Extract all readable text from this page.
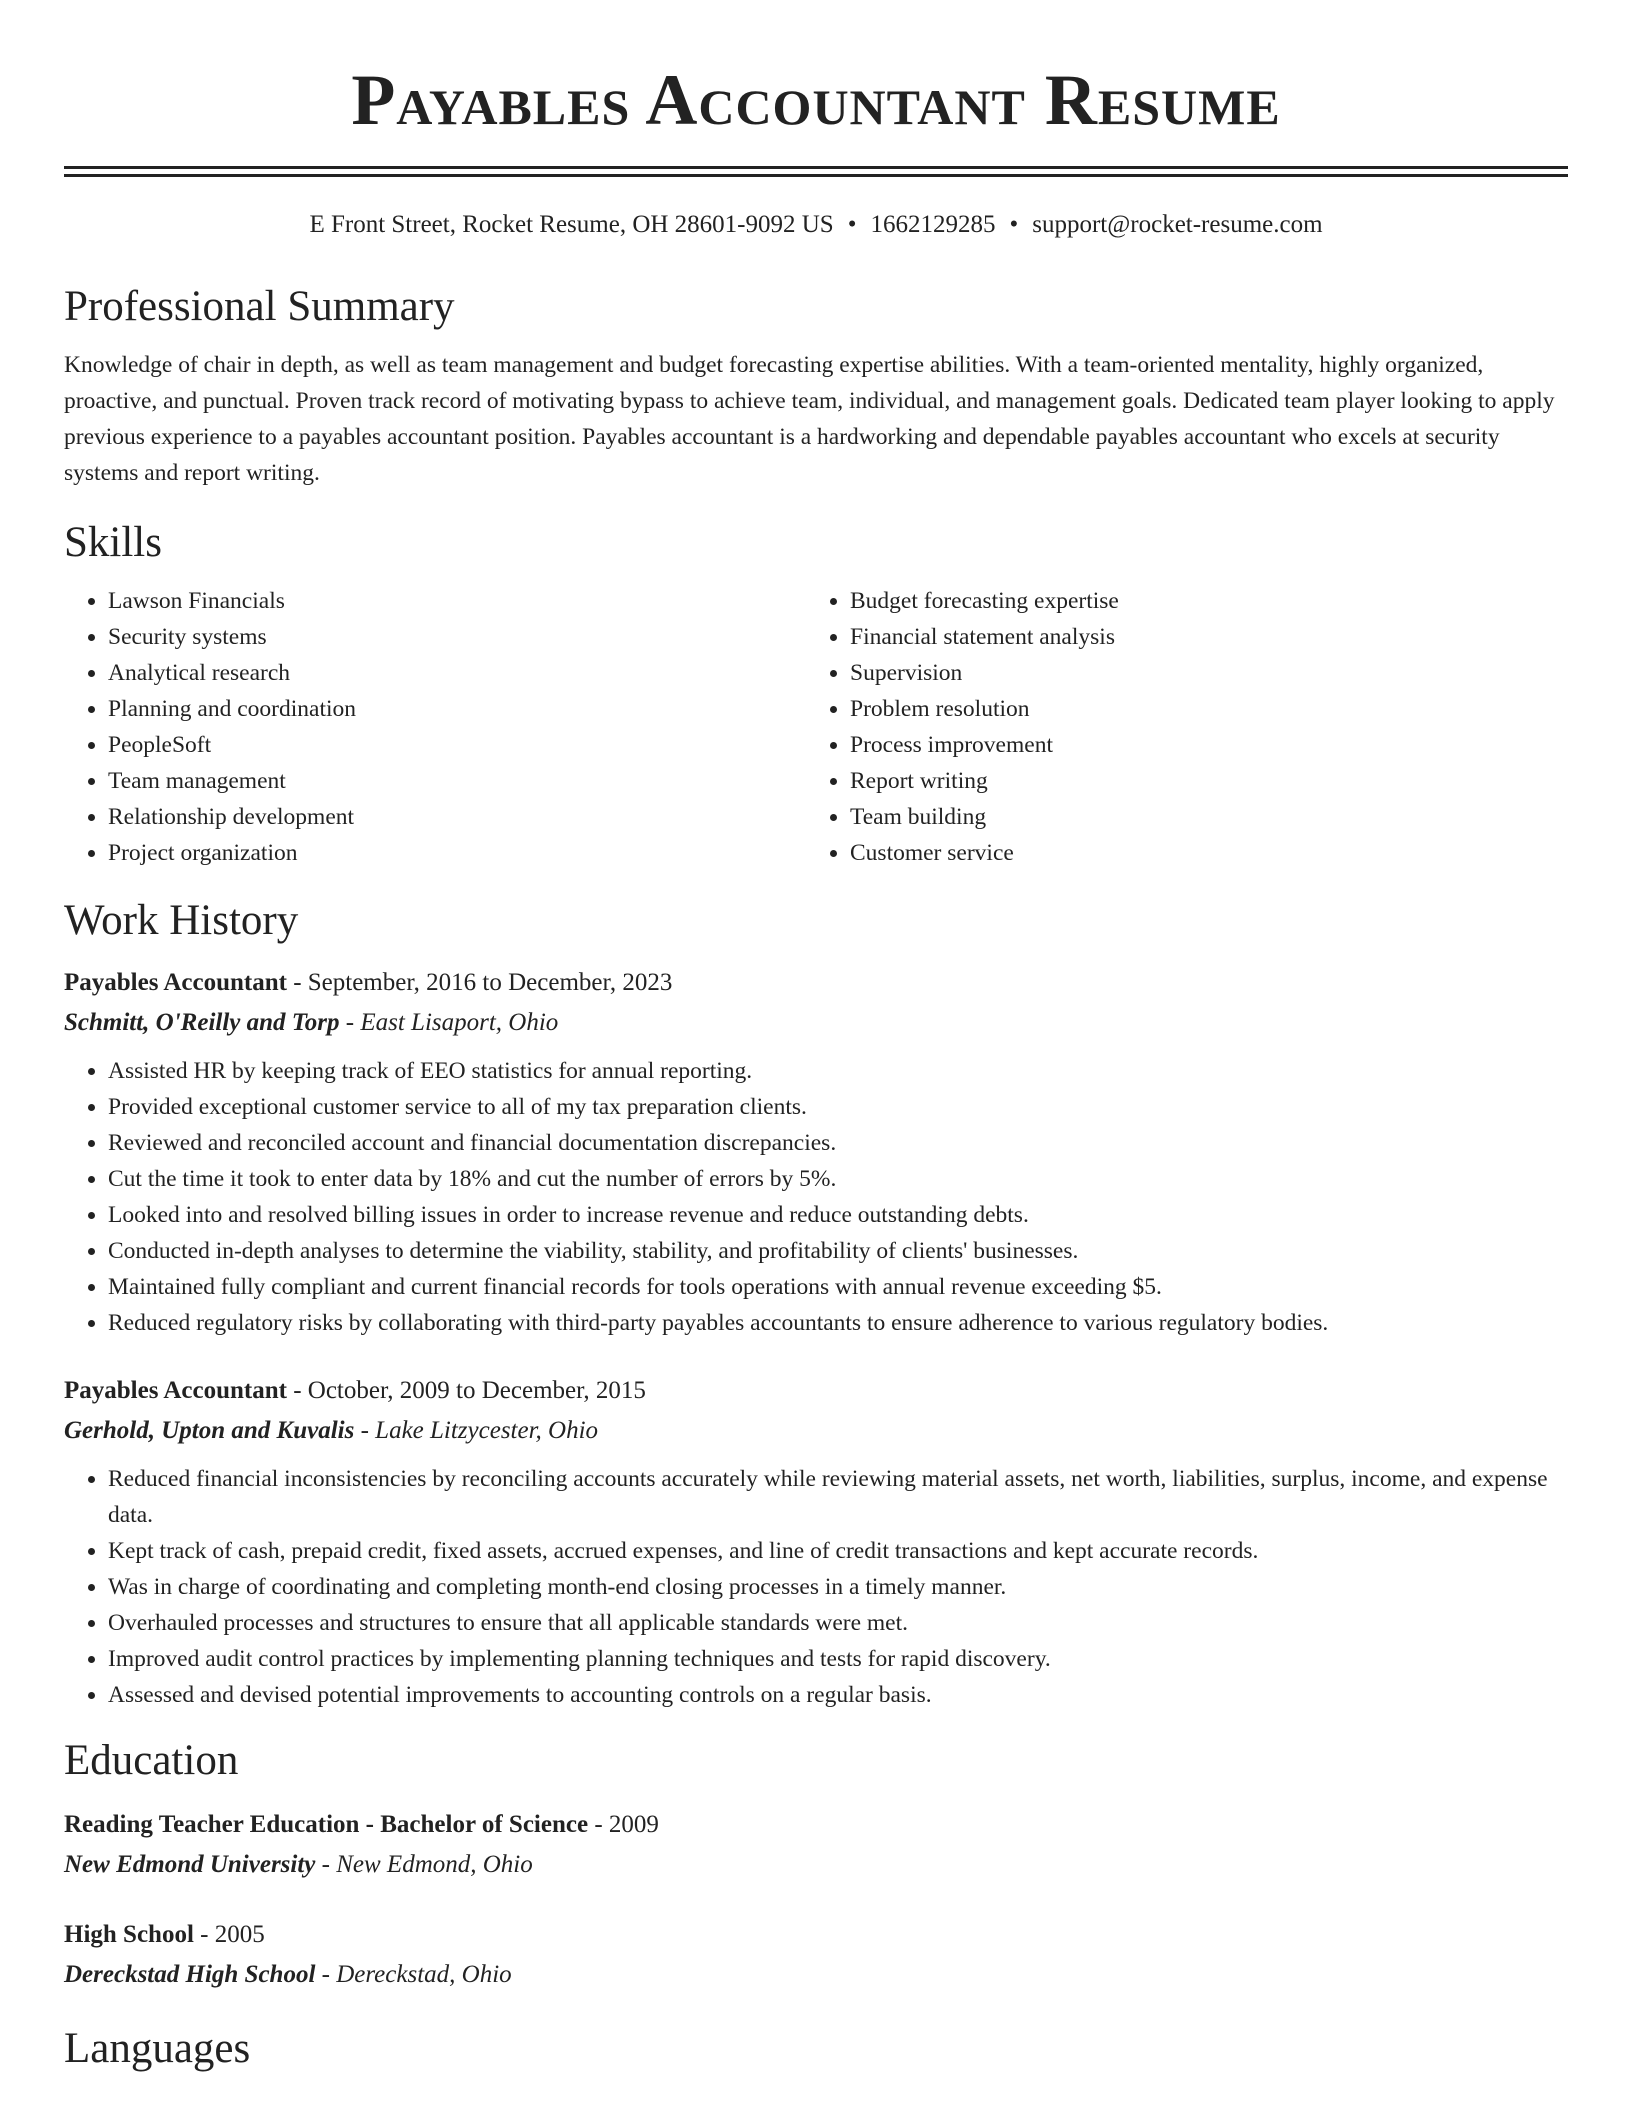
Payables Accountant Resume
E Front Street, Rocket Resume, OH 28601-9092 US • 1662129285 • support@rocket-resume.com
Professional Summary
Knowledge of chair in depth, as well as team management and budget forecasting expertise abilities. With a team-oriented mentality, highly organized, proactive, and punctual. Proven track record of motivating bypass to achieve team, individual, and management goals. Dedicated team player looking to apply previous experience to a payables accountant position. Payables accountant is a hardworking and dependable payables accountant who excels at security systems and report writing.
Skills
• Lawson Financials
• Security systems
• Analytical research
• Planning and coordination
• PeopleSoft
• Team management
• Relationship development
• Project organization
• Budget forecasting expertise
• Financial statement analysis
• Supervision
• Problem resolution
• Process improvement
• Report writing
• Team building
• Customer service
Work History
Payables Accountant - September, 2016 to December, 2023
Schmitt, O'Reilly and Torp - East Lisaport, Ohio
• Assisted HR by keeping track of EEO statistics for annual reporting.
• Provided exceptional customer service to all of my tax preparation clients.
• Reviewed and reconciled account and financial documentation discrepancies.
• Cut the time it took to enter data by 18% and cut the number of errors by 5%.
• Looked into and resolved billing issues in order to increase revenue and reduce outstanding debts.
• Conducted in-depth analyses to determine the viability, stability, and profitability of clients' businesses.
• Maintained fully compliant and current financial records for tools operations with annual revenue exceeding $5.
• Reduced regulatory risks by collaborating with third-party payables accountants to ensure adherence to various regulatory bodies.
Payables Accountant - October, 2009 to December, 2015
Gerhold, Upton and Kuvalis - Lake Litzycester, Ohio
• Reduced financial inconsistencies by reconciling accounts accurately while reviewing material assets, net worth, liabilities, surplus, income, and expense data.
• Kept track of cash, prepaid credit, fixed assets, accrued expenses, and line of credit transactions and kept accurate records.
• Was in charge of coordinating and completing month-end closing processes in a timely manner.
• Overhauled processes and structures to ensure that all applicable standards were met.
• Improved audit control practices by implementing planning techniques and tests for rapid discovery.
• Assessed and devised potential improvements to accounting controls on a regular basis.
Education
Reading Teacher Education - Bachelor of Science - 2009
New Edmond University - New Edmond, Ohio
High School - 2005
Dereckstad High School - Dereckstad, Ohio
Languages
